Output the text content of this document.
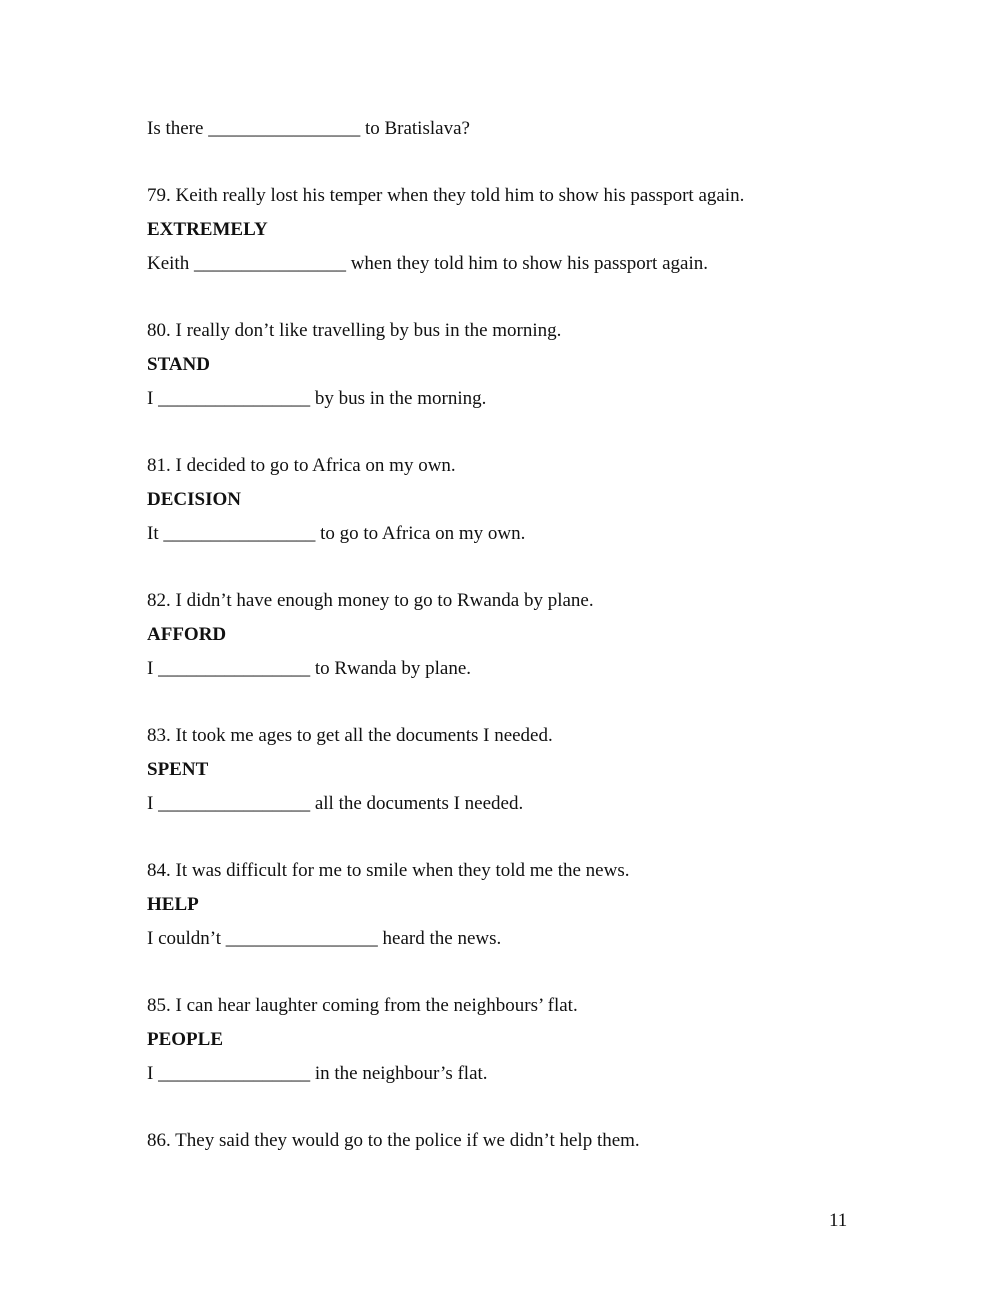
Is there ________________ to Bratislava?
79. Keith really lost his temper when they told him to show his passport again.
EXTREMELY
Keith ________________ when they told him to show his passport again.
80. I really don’t like travelling by bus in the morning.
STAND
I ________________ by bus in the morning.
81. I decided to go to Africa on my own.
DECISION
It ________________ to go to Africa on my own.
82. I didn’t have enough money to go to Rwanda by plane.
AFFORD
I ________________ to Rwanda by plane.
83. It took me ages to get all the documents I needed.
SPENT
I ________________ all the documents I needed.
84. It was difficult for me to smile when they told me the news.
HELP
I couldn’t ________________ heard the news.
85. I can hear laughter coming from the neighbours’ flat.
PEOPLE
I ________________ in the neighbour’s flat.
86. They said they would go to the police if we didn’t help them.
11
